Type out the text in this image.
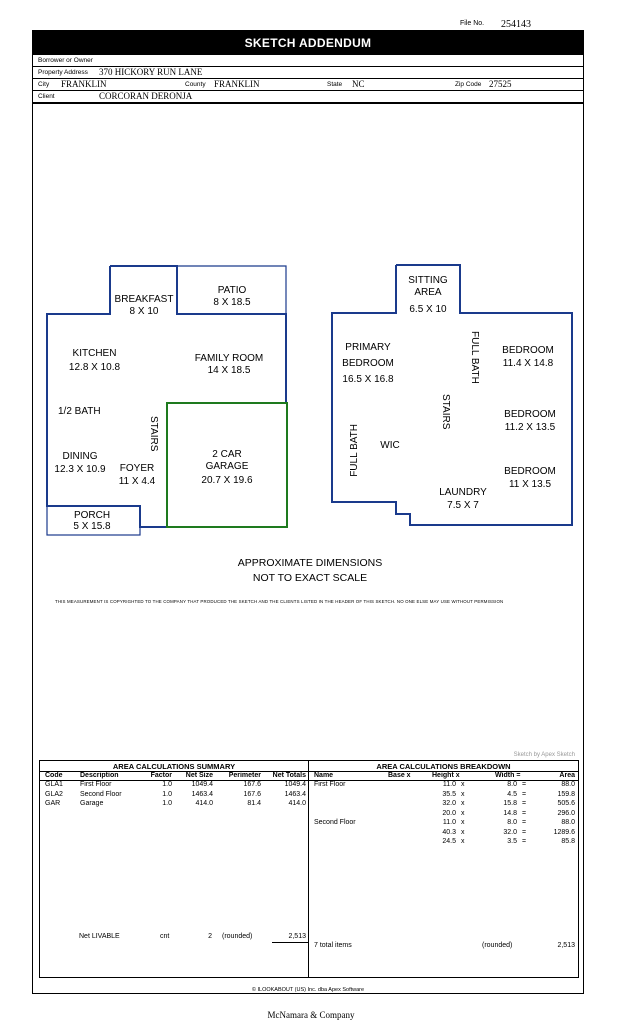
File No. 254143
SKETCH ADDENDUM
Borrower or Owner
Property Address 370 HICKORY RUN LANE
City FRANKLIN	County FRANKLIN	State NC	Zip Code 27525
Client	CORCORAN DERONJA
BREAKFAST
8 X 10
PATIO
8 X 18.5
KITCHEN
12.8 X 10.8
FAMILY ROOM
14 X 18.5
1/2 BATH
STAIRS
DINING
12.3 X 10.9	FOYER
11 X 4.4
2 CAR
GARAGE
20.7 X 19.6
PORCH
5 X 15.8
SITTING
AREA
6.5 X 10
PRIMARY
BEDROOM
16.5 X 16.8	FULL BATH
FULL BATH
STAIRS
WIC
BEDROOM
11.4 X 14.8
BEDROOM
11.2 X 13.5
BEDROOM
11 X 13.5
LAUNDRY
7.5 X 7
APPROXIMATE DIMENSIONS
NOT TO EXACT SCALE
THIS MEASUREMENT IS COPYRIGHTED TO THE COMPANY THAT PRODUCED THE SKETCH AND THE CLIENTS LISTED IN THE HEADER OF THIS SKETCH. NO ONE ELSE MAY USE WITHOUT PERMISSION
Sketch by Apex Sketch
AREA CALCULATIONS SUMMARY
Code	Description	Factor	Net Size	Perimeter	Net Totals
GLA1 First Floor	1.0	1049.4	167.6	1049.4
GLA2 Second Floor	1.0	1463.4	167.6	1463.4
GAR	Garage	1.0	414.0	81.4	414.0
Net LIVABLE	cnt	2 (rounded)	2,513
AREA CALCULATIONS BREAKDOWN
Name	Base x	Height x	Width =	Area
First Floor	11.0 x	8.0 =	88.0
35.5 x	4.5 =	159.8
32.0 x	15.8 =	505.6
20.0 x	14.8 =	296.0
Second Floor	11.0 x	8.0 =	88.0
40.3 x	32.0 =	1289.6
24.5 x	3.5 =	85.8
7 total items	(rounded)	2,513
© ILOOKABOUT (US) Inc. dba Apex Software
McNamara & Company
